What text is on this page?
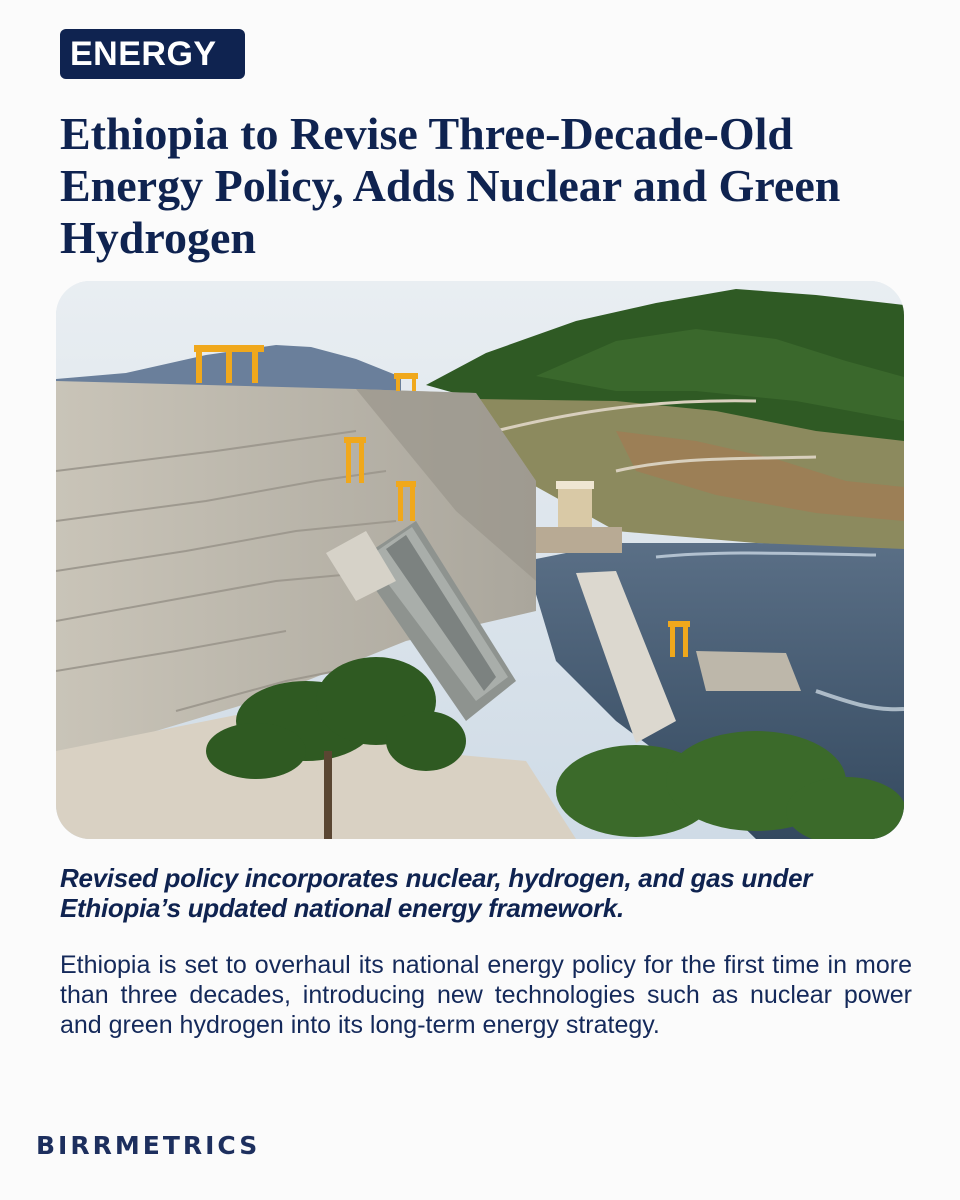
ENERGY
Ethiopia to Revise Three-Decade-Old Energy Policy, Adds Nuclear and Green Hydrogen

Revised policy incorporates nuclear, hydrogen, and gas under Ethiopia’s updated national energy framework.

Ethiopia is set to overhaul its national energy policy for the first time in more than three decades, introducing new technologies such as nuclear power and green hydrogen into its long-term energy strategy.

BIRRMETRICS
